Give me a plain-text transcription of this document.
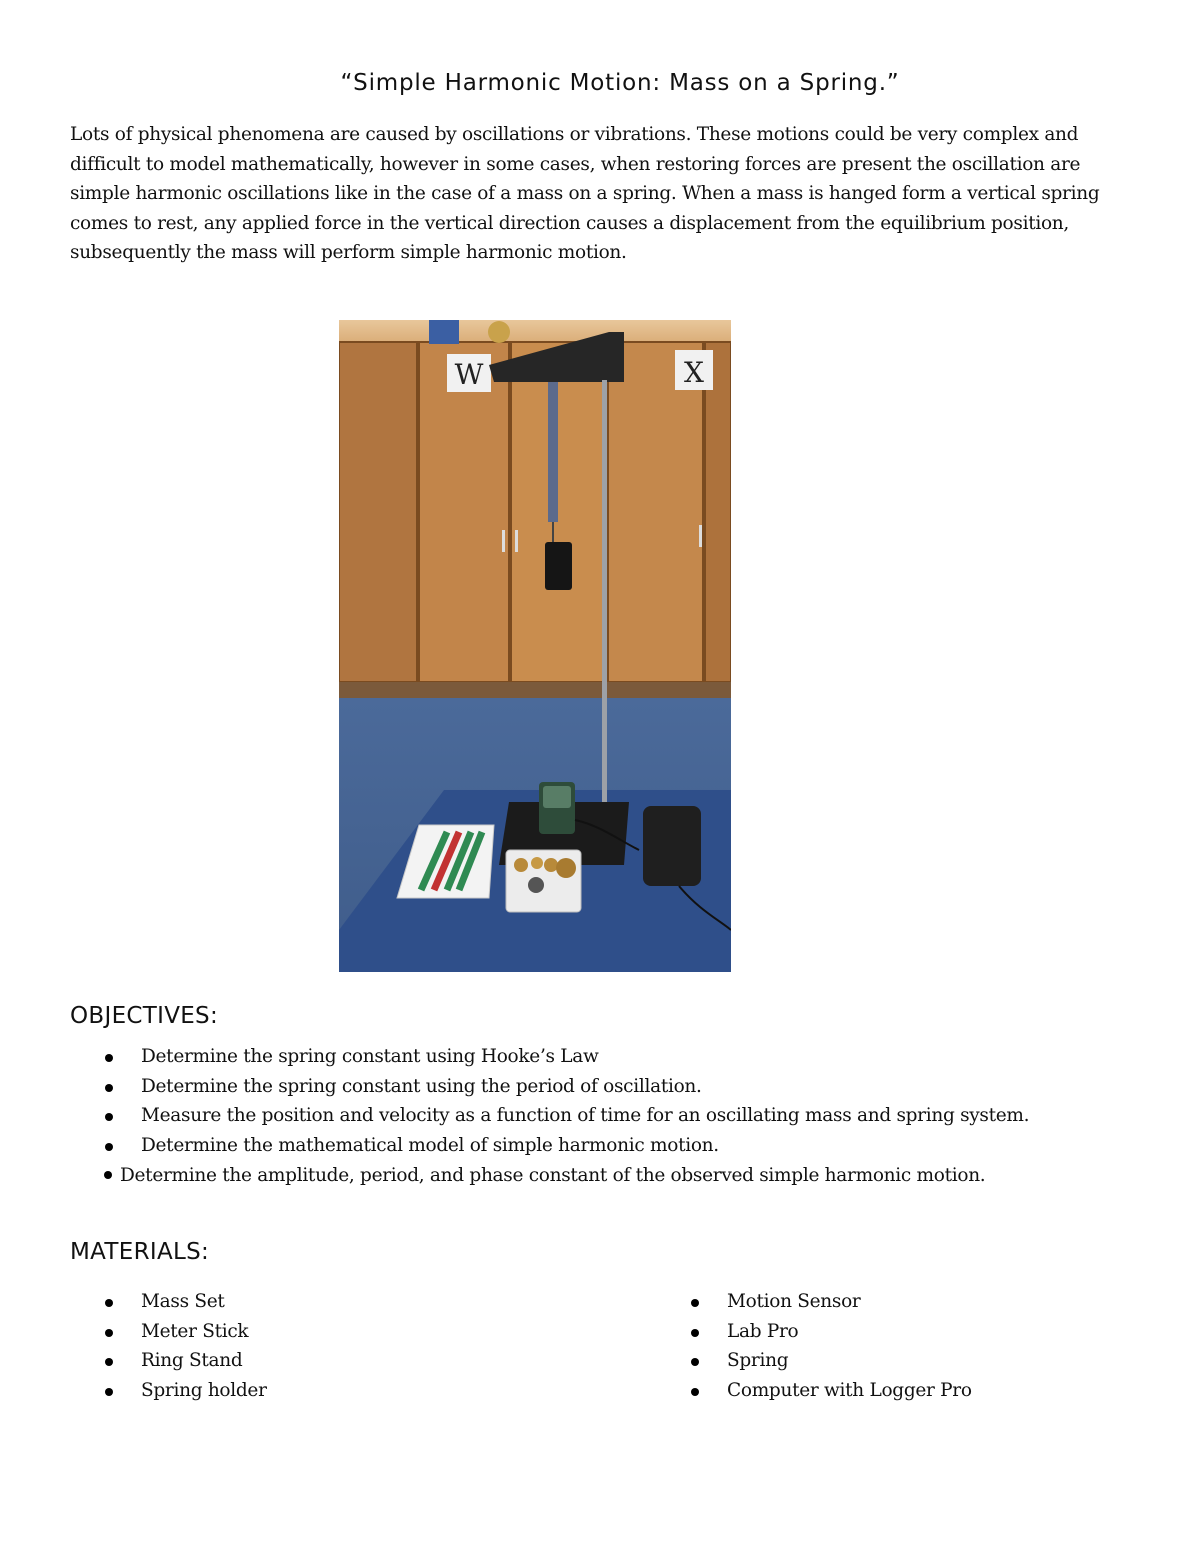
“Simple Harmonic Motion: Mass on a Spring.”
Lots of physical phenomena are caused by oscillations or vibrations. These motions could be very complex and
difficult to model mathematically, however in some cases, when restoring forces are present the oscillation are
simple harmonic oscillations like in the case of a mass on a spring. When a mass is hanged form a vertical spring
comes to rest, any applied force in the vertical direction causes a displacement from the equilibrium position,
subsequently the mass will perform simple harmonic motion.
W	X
OBJECTIVES:
Determine the spring constant using Hooke’s Law
Determine the spring constant using the period of oscillation.
Measure the position and velocity as a function of time for an oscillating mass and spring system.
Determine the mathematical model of simple harmonic motion.
Determine the amplitude, period, and phase constant of the observed simple harmonic motion.
MATERIALS:
Mass Set
Meter Stick
Ring Stand
Spring holder
Motion Sensor
Lab Pro
Spring
Computer with Logger Pro
